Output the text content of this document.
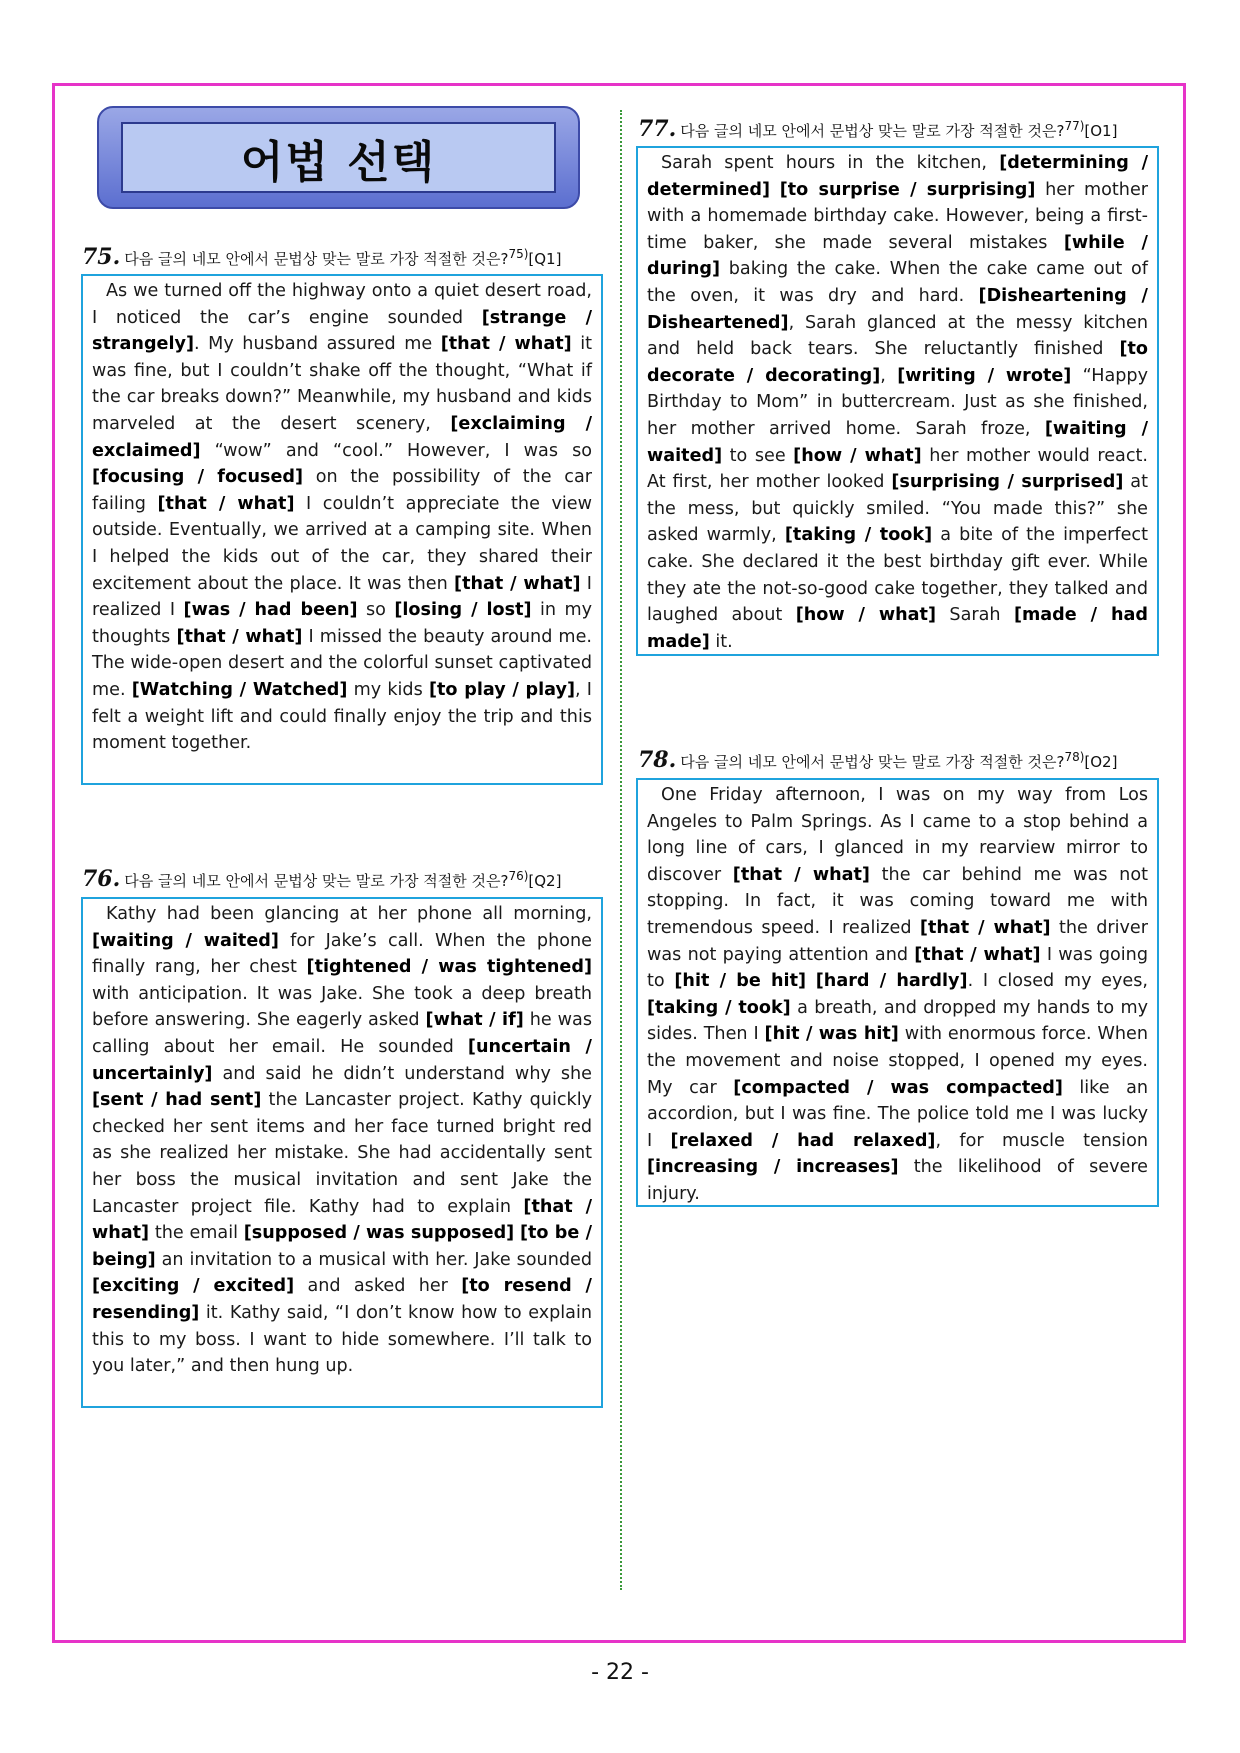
어법 선택
75. 다음 글의 네모 안에서 문법상 맞는 말로 가장 적절한 것은?$^{75)}$[Q1]
As we turned off the highway onto a quiet desert road, I noticed the car’s engine sounded [strange / strangely]. My husband assured me [that / what] it was fine, but I couldn’t shake off the thought, “What if the car breaks down?” Meanwhile, my husband and kids marveled at the desert scenery, [exclaiming / exclaimed] “wow” and “cool.” However, I was so [focusing / focused] on the possibility of the car failing [that / what] I couldn’t appreciate the view outside. Eventually, we arrived at a camping site. When I helped the kids out of the car, they shared their excitement about the place. It was then [that / what] I realized I [was / had been] so [losing / lost] in my thoughts [that / what] I missed the beauty around me. The wide-open desert and the colorful sunset captivated me. [Watching / Watched] my kids [to play / play], I felt a weight lift and could finally enjoy the trip and this moment together.
76. 다음 글의 네모 안에서 문법상 맞는 말로 가장 적절한 것은?$^{76)}$[Q2]
Kathy had been glancing at her phone all morning, [waiting / waited] for Jake’s call. When the phone finally rang, her chest [tightened / was tightened] with anticipation. It was Jake. She took a deep breath before answering. She eagerly asked [what / if] he was calling about her email. He sounded [uncertain / uncertainly] and said he didn’t understand why she [sent / had sent] the Lancaster project. Kathy quickly checked her sent items and her face turned bright red as she realized her mistake. She had accidentally sent her boss the musical invitation and sent Jake the Lancaster project file. Kathy had to explain [that / what] the email [supposed / was supposed] [to be / being] an invitation to a musical with her. Jake sounded [exciting / excited] and asked her [to resend / resending] it. Kathy said, “I don’t know how to explain this to my boss. I want to hide somewhere. I’ll talk to you later,” and then hung up.
77. 다음 글의 네모 안에서 문법상 맞는 말로 가장 적절한 것은?$^{77)}$[O1]
Sarah spent hours in the kitchen, [determining / determined] [to surprise / surprising] her mother with a homemade birthday cake. However, being a first-time baker, she made several mistakes [while / during] baking the cake. When the cake came out of the oven, it was dry and hard. [Disheartening / Disheartened], Sarah glanced at the messy kitchen and held back tears. She reluctantly finished [to decorate / decorating], [writing / wrote] “Happy Birthday to Mom” in buttercream. Just as she finished, her mother arrived home. Sarah froze, [waiting / waited] to see [how / what] her mother would react. At first, her mother looked [surprising / surprised] at the mess, but quickly smiled. “You made this?” she asked warmly, [taking / took] a bite of the imperfect cake. She declared it the best birthday gift ever. While they ate the not-so-good cake together, they talked and laughed about [how / what] Sarah [made / had made] it.
78. 다음 글의 네모 안에서 문법상 맞는 말로 가장 적절한 것은?$^{78)}$[O2]
One Friday afternoon, I was on my way from Los Angeles to Palm Springs. As I came to a stop behind a long line of cars, I glanced in my rearview mirror to discover [that / what] the car behind me was not stopping. In fact, it was coming toward me with tremendous speed. I realized [that / what] the driver was not paying attention and [that / what] I was going to [hit / be hit] [hard / hardly]. I closed my eyes, [taking / took] a breath, and dropped my hands to my sides. Then I [hit / was hit] with enormous force. When the movement and noise stopped, I opened my eyes. My car [compacted / was compacted] like an accordion, but I was fine. The police told me I was lucky I [relaxed / had relaxed], for muscle tension [increasing / increases] the likelihood of severe injury.
- 22 -
